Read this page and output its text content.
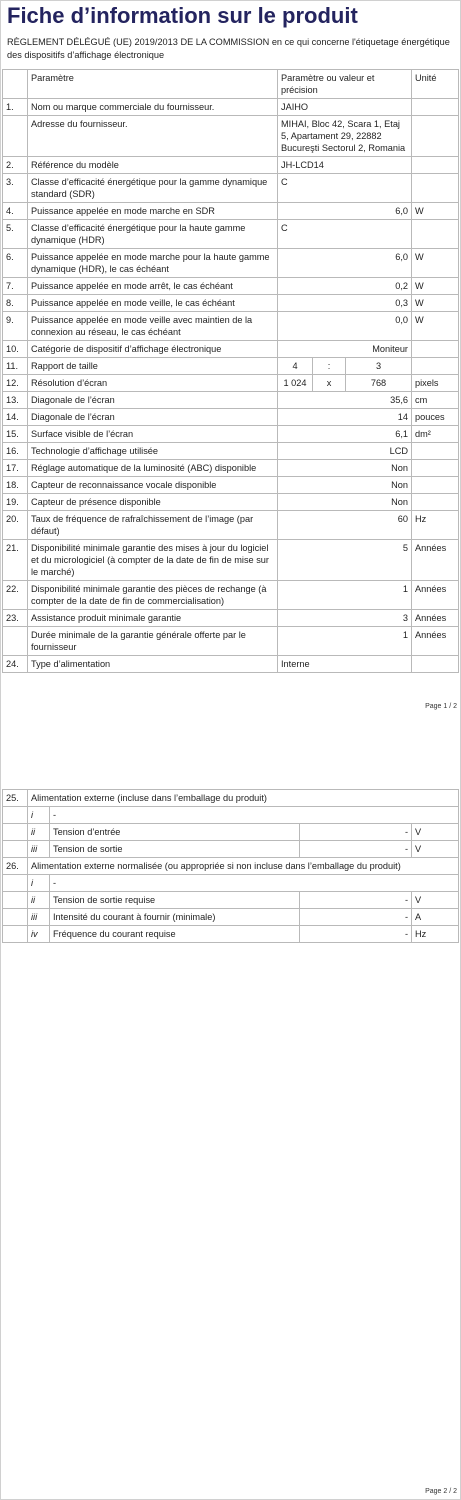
Fiche d’information sur le produit

RÈGLEMENT DÉLÉGUÉ (UE) 2019/2013 DE LA COMMISSION en ce qui concerne l'étiquetage énergétique des dispositifs d’affichage électronique

	Paramètre	Paramètre ou valeur et précision			Unité
1.	Nom ou marque commerciale du fournisseur.	JAIHO			
	Adresse du fournisseur.	MIHAI, Bloc 42, Scara 1, Etaj 5, Apartament 29, 22882 Bucureşti Sectorul 2, Romania			
2.	Référence du modèle	JH-LCD14			
3.	Classe d’efficacité énergétique pour la gamme dynamique standard (SDR)	C			
4.	Puissance appelée en mode marche en SDR	6,0			W
5.	Classe d’efficacité énergétique pour la haute gamme dynamique (HDR)	C			
6.	Puissance appelée en mode marche pour la haute gamme dynamique (HDR), le cas échéant	6,0			W
7.	Puissance appelée en mode arrêt, le cas échéant	0,2			W
8.	Puissance appelée en mode veille, le cas échéant	0,3			W
9.	Puissance appelée en mode veille avec maintien de la connexion au réseau, le cas échéant	0,0			W
10.	Catégorie de dispositif d’affichage électronique	Moniteur			
11.	Rapport de taille	4	:	3	
12.	Résolution d’écran	1 024	x	768	pixels
13.	Diagonale de l’écran	35,6			cm
14.	Diagonale de l’écran	14			pouces
15.	Surface visible de l’écran	6,1			dm²
16.	Technologie d’affichage utilisée	LCD			
17.	Réglage automatique de la luminosité (ABC) disponible	Non			
18.	Capteur de reconnaissance vocale disponible	Non			
19.	Capteur de présence disponible	Non			
20.	Taux de fréquence de rafraîchissement de l’image (par défaut)	60			Hz
21.	Disponibilité minimale garantie des mises à jour du logiciel et du micrologiciel (à compter de la date de fin de mise sur le marché)	5			Années
22.	Disponibilité minimale garantie des pièces de rechange (à compter de la date de fin de commercialisation)	1			Années
23.	Assistance produit minimale garantie	3			Années
	Durée minimale de la garantie générale offerte par le fournisseur	1			Années
24.	Type d’alimentation	Interne			
Page 1 / 2
25.	Alimentation externe (incluse dans l’emballage du produit)			
	i	-		
	ii	Tension d’entrée	-	V
	iii	Tension de sortie	-	V
26.	Alimentation externe normalisée (ou appropriée si non incluse dans l’emballage du produit)			
	i	-		
	ii	Tension de sortie requise	-	V
	iii	Intensité du courant à fournir (minimale)	-	A
	iv	Fréquence du courant requise	-	Hz
Page 2 / 2
